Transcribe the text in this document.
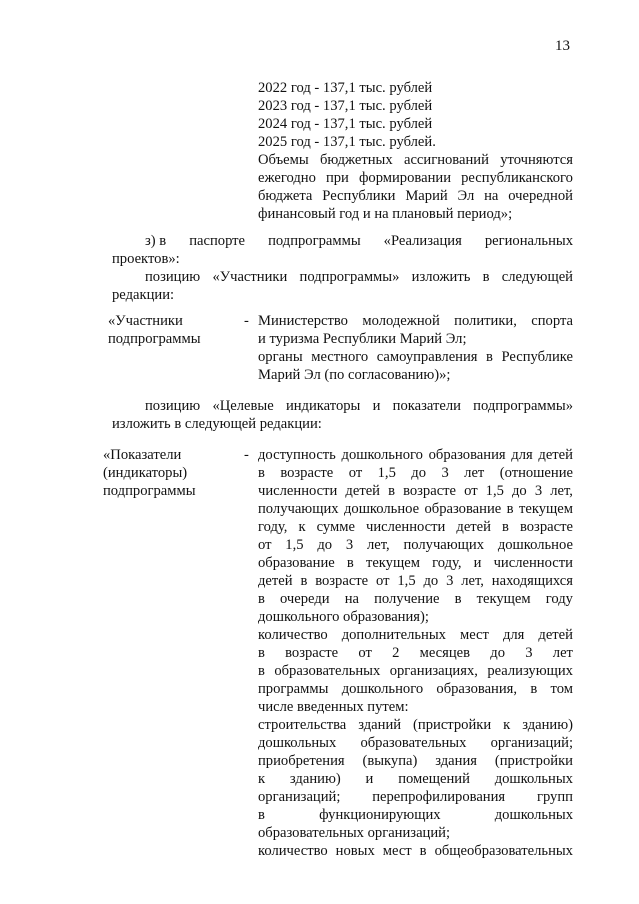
13
2022 год - 137,1 тыс. рублей
2023 год - 137,1 тыс. рублей
2024 год - 137,1 тыс. рублей
2025 год - 137,1 тыс. рублей.
Объемы бюджетных ассигнований уточняются
ежегодно при формировании республиканского
бюджета Республики Марий Эл на очередной
финансовый год и на плановый период»;
з) в паспорте подпрограммы «Реализация региональных
проектов»:
позицию «Участники подпрограммы» изложить в следующей
редакции:
«Участники
подпрограммы
- Министерство молодежной политики, спорта
и туризма Республики Марий Эл;
органы местного самоуправления в Республике
Марий Эл (по согласованию)»;
позицию «Целевые индикаторы и показатели подпрограммы»
изложить в следующей редакции:
«Показатели
(индикаторы)
подпрограммы
- доступность дошкольного образования для детей
в возрасте от 1,5 до 3 лет (отношение
численности детей в возрасте от 1,5 до 3 лет,
получающих дошкольное образование в текущем
году, к сумме численности детей в возрасте
от 1,5 до 3 лет, получающих дошкольное
образование в текущем году, и численности
детей в возрасте от 1,5 до 3 лет, находящихся
в очереди на получение в текущем году
дошкольного образования);
количество дополнительных мест для детей
в возрасте от 2 месяцев до 3 лет
в образовательных организациях, реализующих
программы дошкольного образования, в том
числе введенных путем:
строительства зданий (пристройки к зданию)
дошкольных образовательных организаций;
приобретения (выкупа) здания (пристройки
к зданию) и помещений дошкольных
организаций; перепрофилирования групп
в	функционирующих	дошкольных
образовательных организаций;
количество новых мест в общеобразовательных
